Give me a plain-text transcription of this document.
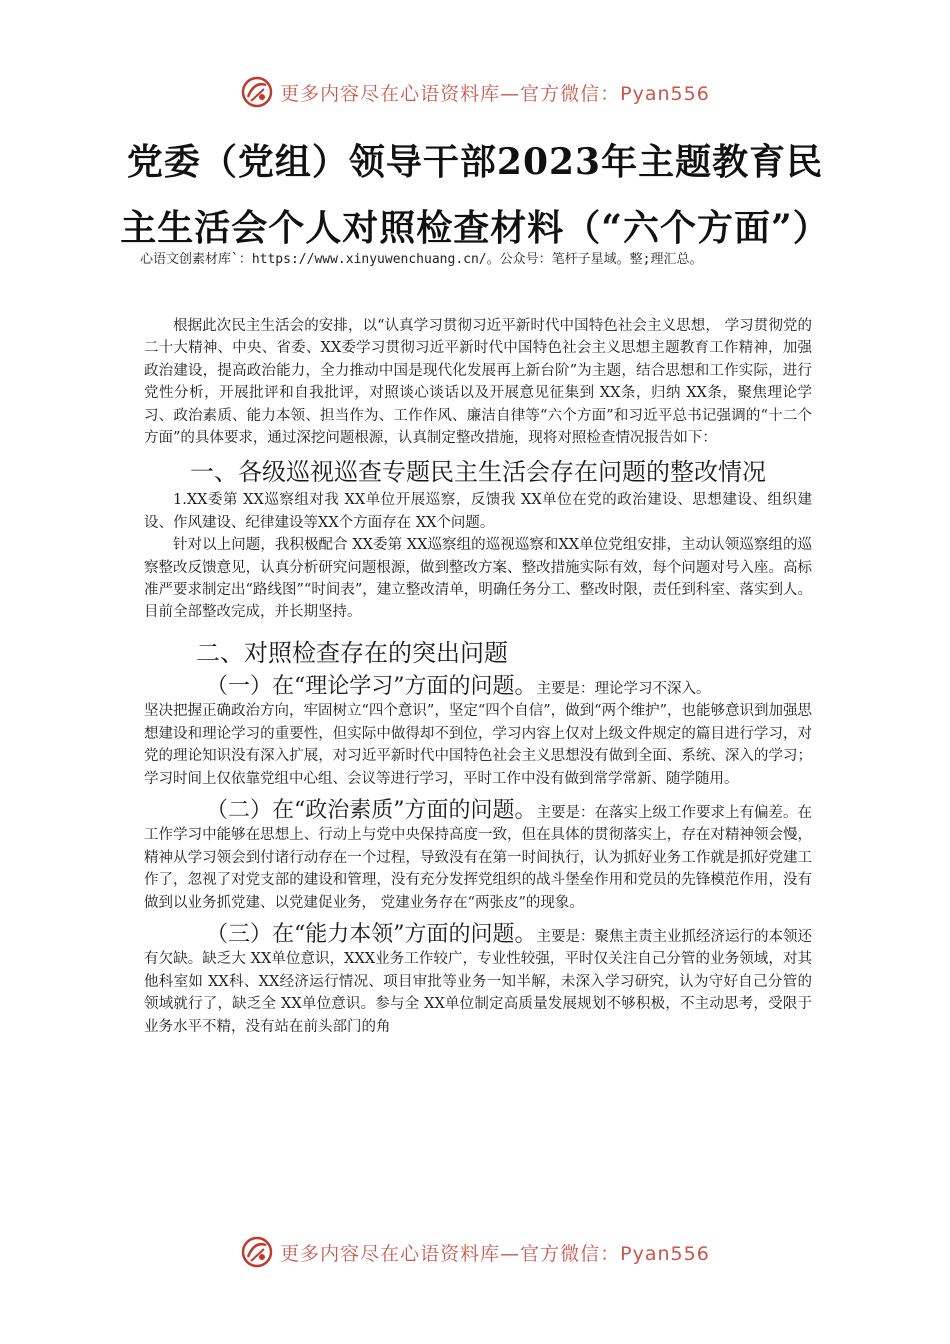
更多内容尽在心语资料库—官方微信：Pyan556
党委（党组）领导干部2023年主题教育民
主生活会个人对照检查材料（“六个方面”）
心语文创素材库`：https://www.xinyuwenchuang.cn/。公众号：笔杆子星域。整;理汇总。

根据此次民主生活会的安排，以“认真学习贯彻习近平新时代中国特色社会主义思想， 学习贯彻党的二十大精神、中央、省委、XX委学习贯彻习近平新时代中国特色社会主义思想主题教育工作精神，加强政治建设，提高政治能力，全力推动中国是现代化发展再上新台阶”为主题，结合思想和工作实际，进行党性分析，开展批评和自我批评，对照谈心谈话以及开展意见征集到 XX条，归纳 XX条，聚焦理论学习、政治素质、能力本领、担当作为、工作作风、廉洁自律等“六个方面”和习近平总书记强调的“十二个方面”的具体要求，通过深挖问题根源，认真制定整改措施，现将对照检查情况报告如下：

一、各级巡视巡查专题民主生活会存在问题的整改情况

1.XX委第 XX巡察组对我 XX单位开展巡察，反馈我 XX单位在党的政治建设、思想建设、组织建设、作风建设、纪律建设等XX个方面存在 XX个问题。

针对以上问题，我积极配合 XX委第 XX巡察组的巡视巡察和XX单位党组安排，主动认领巡察组的巡察整改反馈意见，认真分析研究问题根源，做到整改方案、整改措施实际有效，每个问题对号入座。高标准严要求制定出“路线图”“时间表”，建立整改清单，明确任务分工、整改时限，责任到科室、落实到人。目前全部整改完成，并长期坚持。

二、对照检查存在的突出问题
（一）在“理论学习”方面的问题。主要是：理论学习不深入。

坚决把握正确政治方向，牢固树立“四个意识”，坚定“四个自信”，做到“两个维护”，也能够意识到加强思想建设和理论学习的重要性，但实际中做得却不到位，学习内容上仅对上级文件规定的篇目进行学习，对党的理论知识没有深入扩展，对习近平新时代中国特色社会主义思想没有做到全面、系统、深入的学习；学习时间上仅依靠党组中心组、会议等进行学习，平时工作中没有做到常学常新、随学随用。

（二）在“政治素质”方面的问题。主要是：在落实上级工作要求上有偏差。在工作学习中能够在思想上、行动上与党中央保持高度一致，但在具体的贯彻落实上，存在对精神领会慢，精神从学习领会到付诸行动存在一个过程，导致没有在第一时间执行，认为抓好业务工作就是抓好党建工作了，忽视了对党支部的建设和管理，没有充分发挥党组织的战斗堡垒作用和党员的先锋模范作用，没有做到以业务抓党建、以党建促业务， 党建业务存在“两张皮”的现象。
（三）在“能力本领”方面的问题。主要是：聚焦主责主业抓经济运行的本领还有欠缺。缺乏大 XX单位意识，XXX业务工作较广，专业性较强，平时仅关注自己分管的业务领域，对其他科室如 XX科、XX经济运行情况、项目审批等业务一知半解，未深入学习研究，认为守好自己分管的领域就行了，缺乏全 XX单位意识。参与全 XX单位制定高质量发展规划不够积极，不主动思考，受限于业务水平不精，没有站在前头部门的角
更多内容尽在心语资料库—官方微信：Pyan556
